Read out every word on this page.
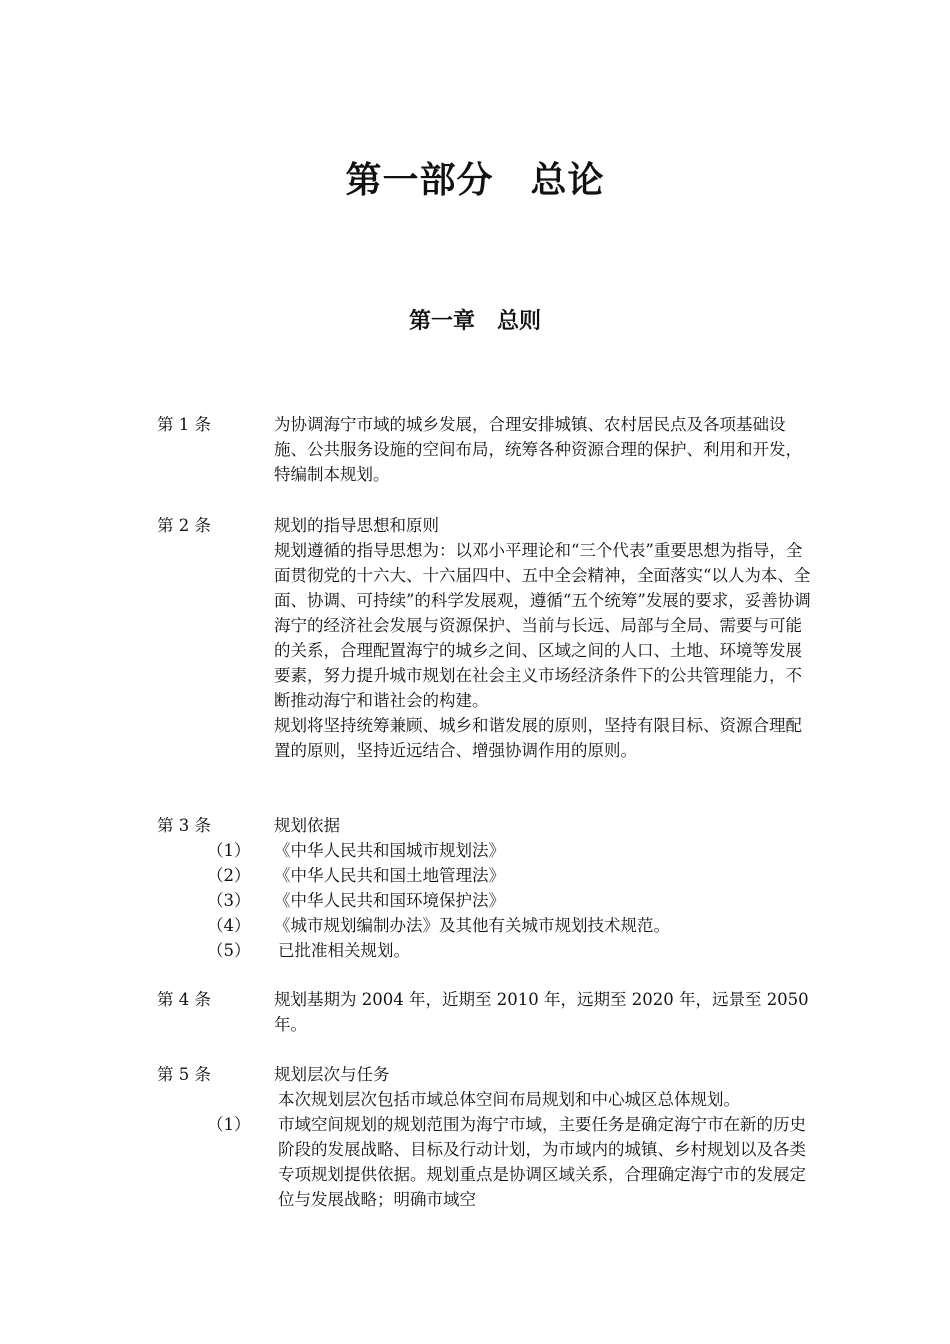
第一部分　总论
第一章　总则
第 1 条	为协调海宁市域的城乡发展，合理安排城镇、农村居民点及各项基础设施、公共服务设施的空间布局，统筹各种资源合理的保护、利用和开发，特编制本规划。

第 2 条	规划的指导思想和原则

规划遵循的指导思想为：以邓小平理论和“三个代表”重要思想为指导，全面贯彻党的十六大、十六届四中、五中全会精神，全面落实“以人为本、全面、协调、可持续”的科学发展观，遵循“五个统筹”发展的要求，妥善协调海宁的经济社会发展与资源保护、当前与长远、局部与全局、需要与可能的关系，合理配置海宁的城乡之间、区域之间的人口、土地、环境等发展要素，努力提升城市规划在社会主义市场经济条件下的公共管理能力，不断推动海宁和谐社会的构建。

规划将坚持统筹兼顾、城乡和谐发展的原则，坚持有限目标、资源合理配置的原则，坚持近远结合、增强协调作用的原则。

第 3 条	规划依据

（1） 《中华人民共和国城市规划法》

（2） 《中华人民共和国土地管理法》

（3） 《中华人民共和国环境保护法》

（4） 《城市规划编制办法》及其他有关城市规划技术规范。

（5） 已批准相关规划。

第 4 条	规划基期为 2004 年，近期至 2010 年，远期至 2020 年，远景至 2050 年。

第 5 条	规划层次与任务

本次规划层次包括市域总体空间布局规划和中心城区总体规划。

（1） 市域空间规划的规划范围为海宁市域，主要任务是确定海宁市在新的历史阶段的发展战略、目标及行动计划，为市域内的城镇、乡村规划以及各类专项规划提供依据。规划重点是协调区域关系，合理确定海宁市的发展定位与发展战略；明确市域空
